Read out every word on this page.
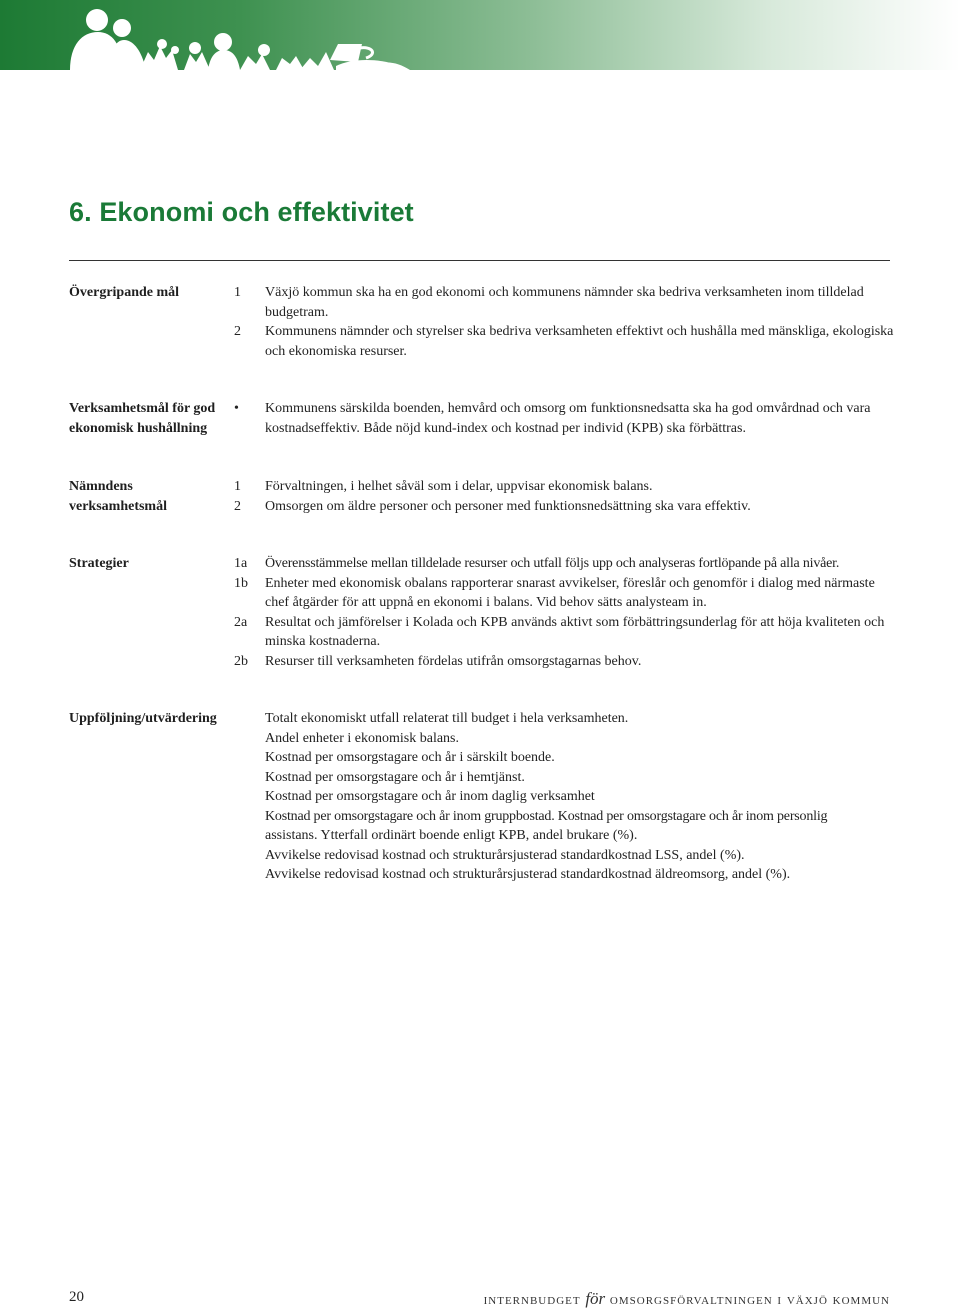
6. Ekonomi och effektivitet
Övergripande mål	1	Växjö kommun ska ha en god ekonomi och kommunens nämnder ska bedriva verksamheten inom tilldelad budgetram.
2	Kommunens nämnder och styrelser ska bedriva verksamheten effektivt och hushålla med mänskliga, ekologiska och ekonomiska resurser.
Verksamhetsmål för god ekonomisk hushållning
•	Kommunens särskilda boenden, hemvård och omsorg om funktionsnedsatta ska ha god omvårdnad och vara kostnadseffektiv. Både nöjd kund-index och kostnad per individ (KPB) ska förbättras.
Nämndens verksamhetsmål
1	Förvaltningen, i helhet såväl som i delar, uppvisar ekonomisk balans.
2	Omsorgen om äldre personer och personer med funktionsnedsättning ska vara effektiv.
Strategier	1a	Överensstämmelse mellan tilldelade resurser och utfall följs upp och analyseras fortlöpande på alla nivåer.
1b	Enheter med ekonomisk obalans rapporterar snarast avvikelser, föreslår och genomför i dialog med närmaste chef åtgärder för att uppnå en ekonomi i balans. Vid behov sätts analysteam in.
2a	Resultat och jämförelser i Kolada och KPB används aktivt som förbättringsunderlag för att höja kvaliteten och minska kostnaderna.
2b	Resurser till verksamheten fördelas utifrån omsorgstagarnas behov.
Uppföljning/utvärdering	Totalt ekonomiskt utfall relaterat till budget i hela verksamheten.
Andel enheter i ekonomisk balans.
Kostnad per omsorgstagare och år i särskilt boende.
Kostnad per omsorgstagare och år i hemtjänst.
Kostnad per omsorgstagare och år inom daglig verksamhet
Kostnad per omsorgstagare och år inom gruppbostad. Kostnad per omsorgstagare och år inom personlig
assistans. Ytterfall ordinärt boende enligt KPB, andel brukare (%).
Avvikelse redovisad kostnad och strukturårsjusterad standardkostnad LSS, andel (%).
Avvikelse redovisad kostnad och strukturårsjusterad standardkostnad äldreomsorg, andel (%).
20	internbudget för omsorgsförvaltningen i växjö kommun
